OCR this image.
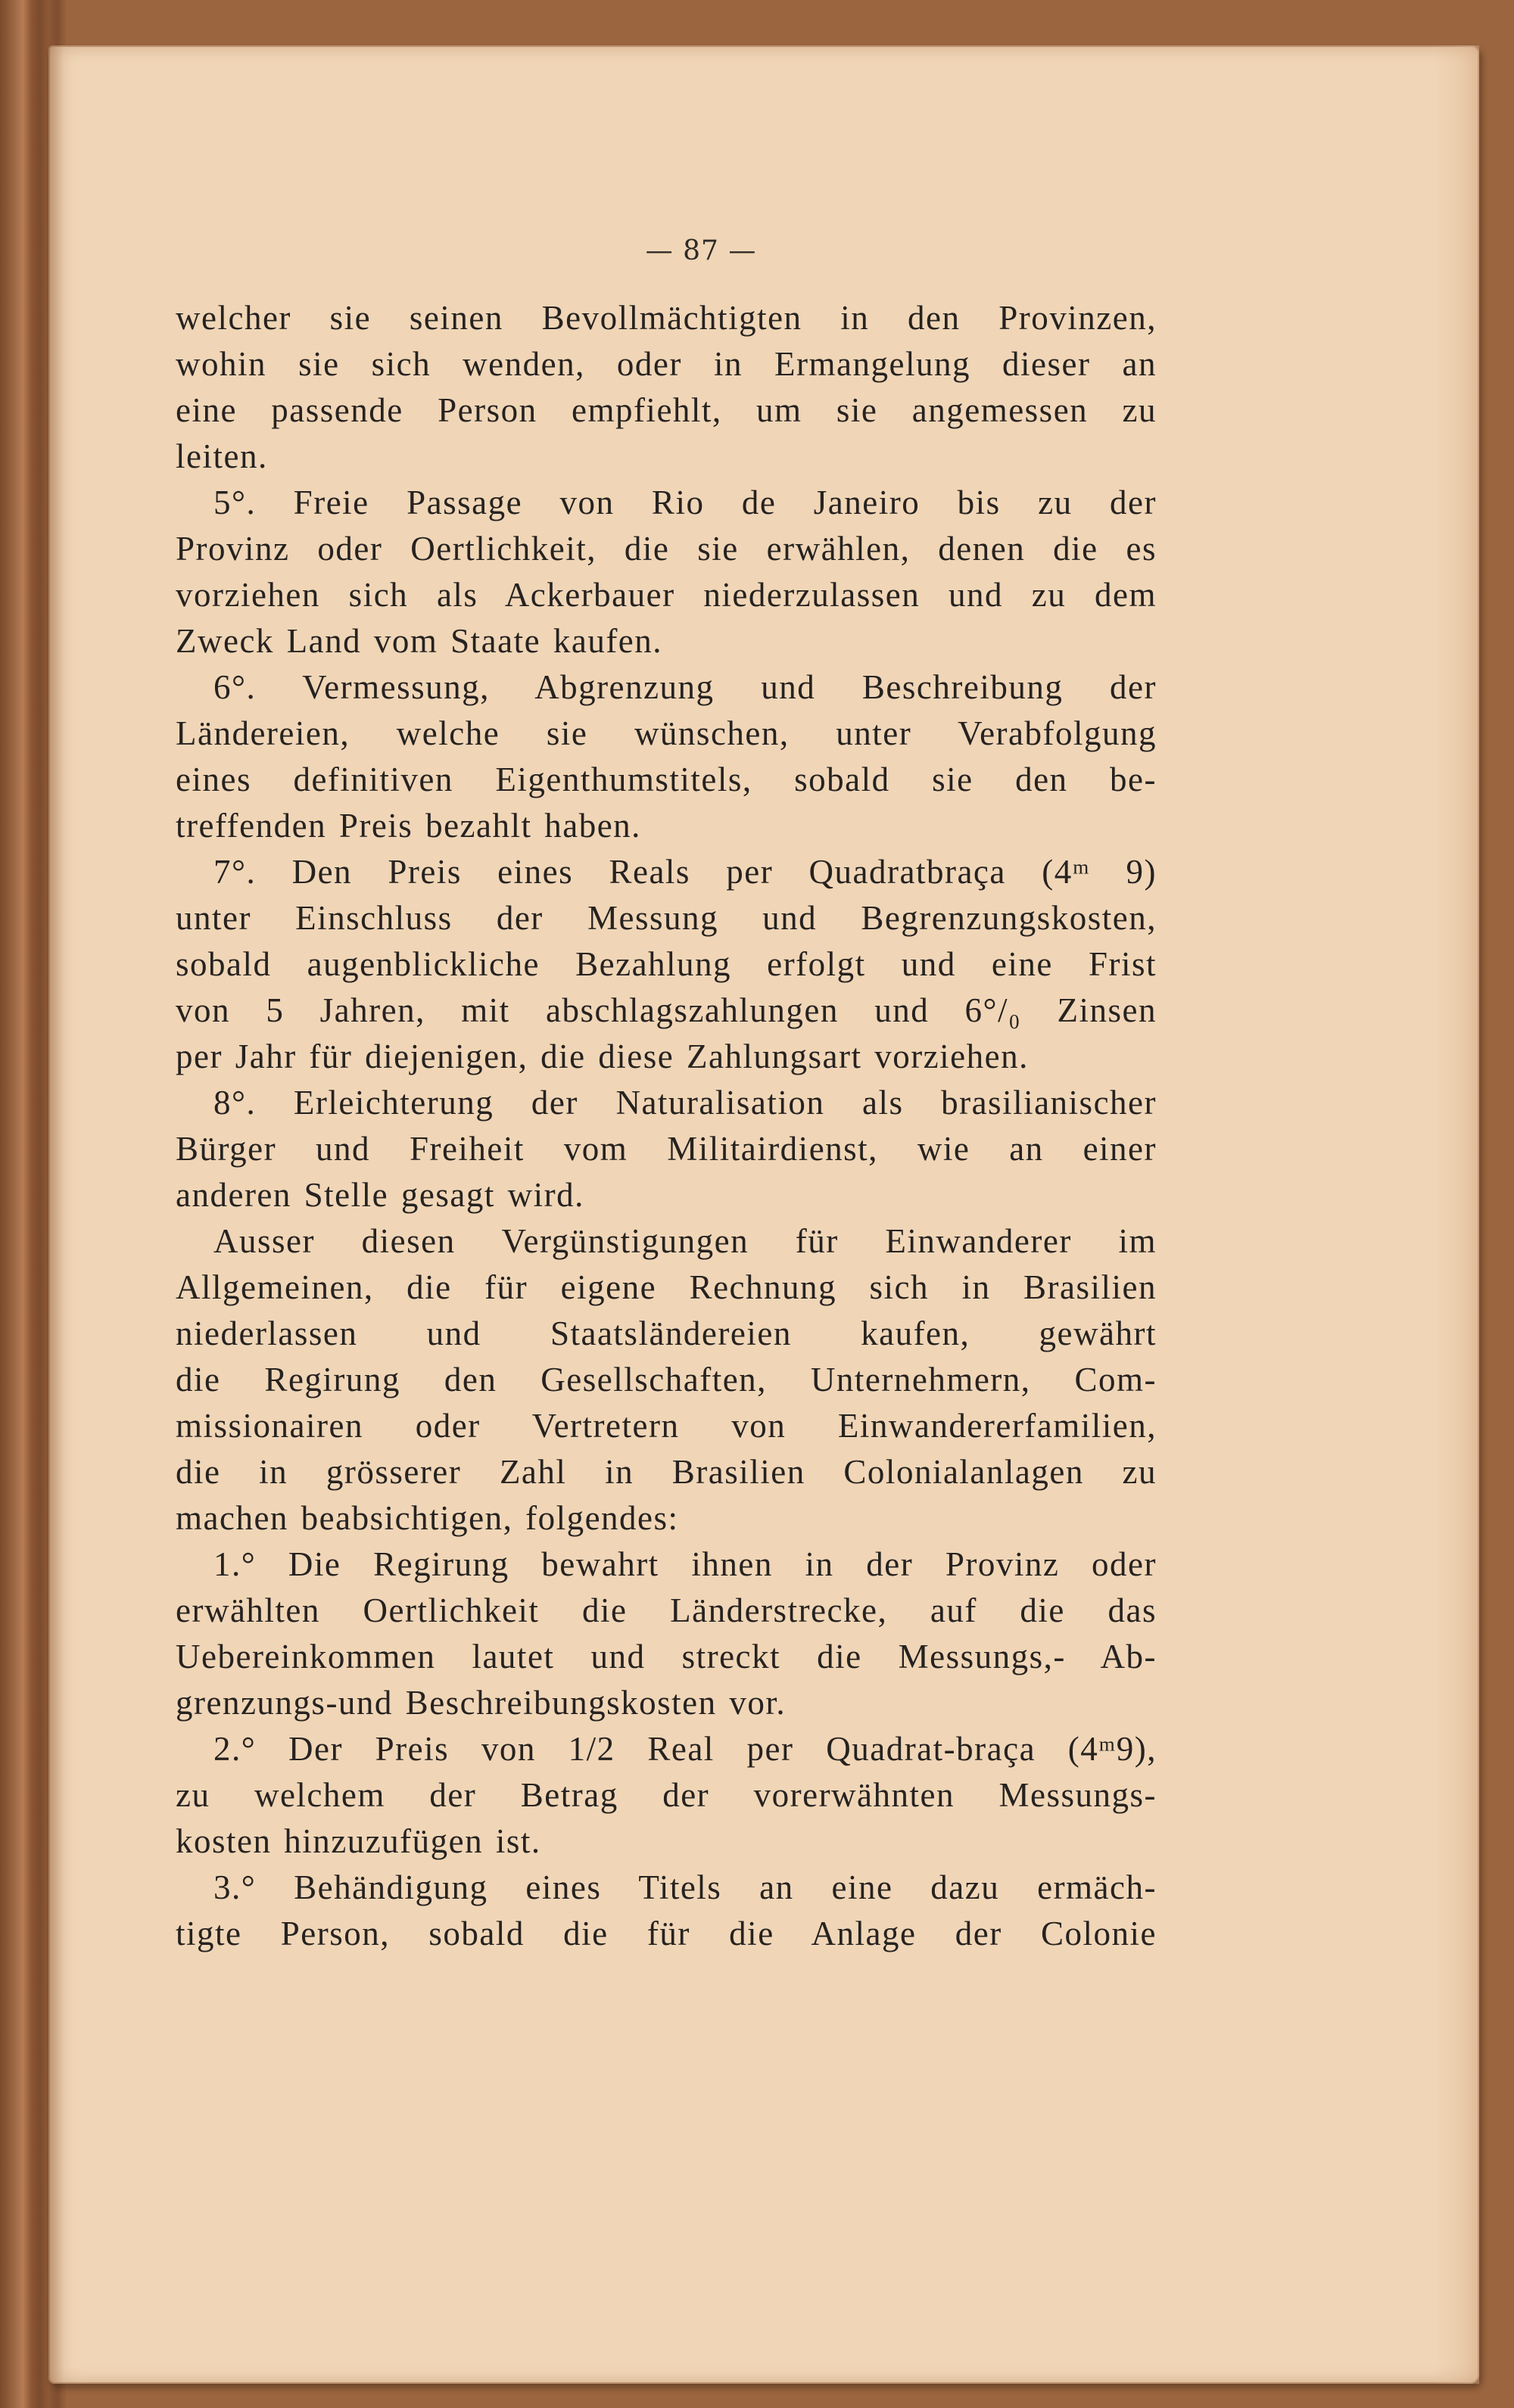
— 87 —
welcher sie seinen Bevollmächtigten in den Provinzen,
wohin sie sich wenden, oder in Ermangelung dieser an
eine passende Person empfiehlt, um sie angemessen zu
leiten.
5°. Freie Passage von Rio de Janeiro bis zu der
Provinz oder Oertlichkeit, die sie erwählen, denen die es
vorziehen sich als Ackerbauer niederzulassen und zu dem
Zweck Land vom Staate kaufen.
6°. Vermessung, Abgrenzung und Beschreibung der
Ländereien, welche sie wünschen, unter Verabfolgung
eines definitiven Eigenthumstitels, sobald sie den be-
treffenden Preis bezahlt haben.
7°. Den Preis eines Reals per Quadratbraça (4ᵐ 9)
unter Einschluss der Messung und Begrenzungskosten,
sobald augenblickliche Bezahlung erfolgt und eine Frist
von 5 Jahren, mit abschlagszahlungen und 6°/₀ Zinsen
per Jahr für diejenigen, die diese Zahlungsart vorziehen.
8°. Erleichterung der Naturalisation als brasilianischer
Bürger und Freiheit vom Militairdienst, wie an einer
anderen Stelle gesagt wird.
Ausser diesen Vergünstigungen für Einwanderer im
Allgemeinen, die für eigene Rechnung sich in Brasilien
niederlassen und Staatsländereien kaufen, gewährt
die Regirung den Gesellschaften, Unternehmern, Com-
missionairen oder Vertretern von Einwandererfamilien,
die in grösserer Zahl in Brasilien Colonialanlagen zu
machen beabsichtigen, folgendes:
1.° Die Regirung bewahrt ihnen in der Provinz oder
erwählten Oertlichkeit die Länderstrecke, auf die das
Uebereinkommen lautet und streckt die Messungs,- Ab-
grenzungs-und Beschreibungskosten vor.
2.° Der Preis von 1/2 Real per Quadrat-braça (4ᵐ9),
zu welchem der Betrag der vorerwähnten Messungs-
kosten hinzuzufügen ist.
3.° Behändigung eines Titels an eine dazu ermäch-
tigte Person, sobald die für die Anlage der Colonie
